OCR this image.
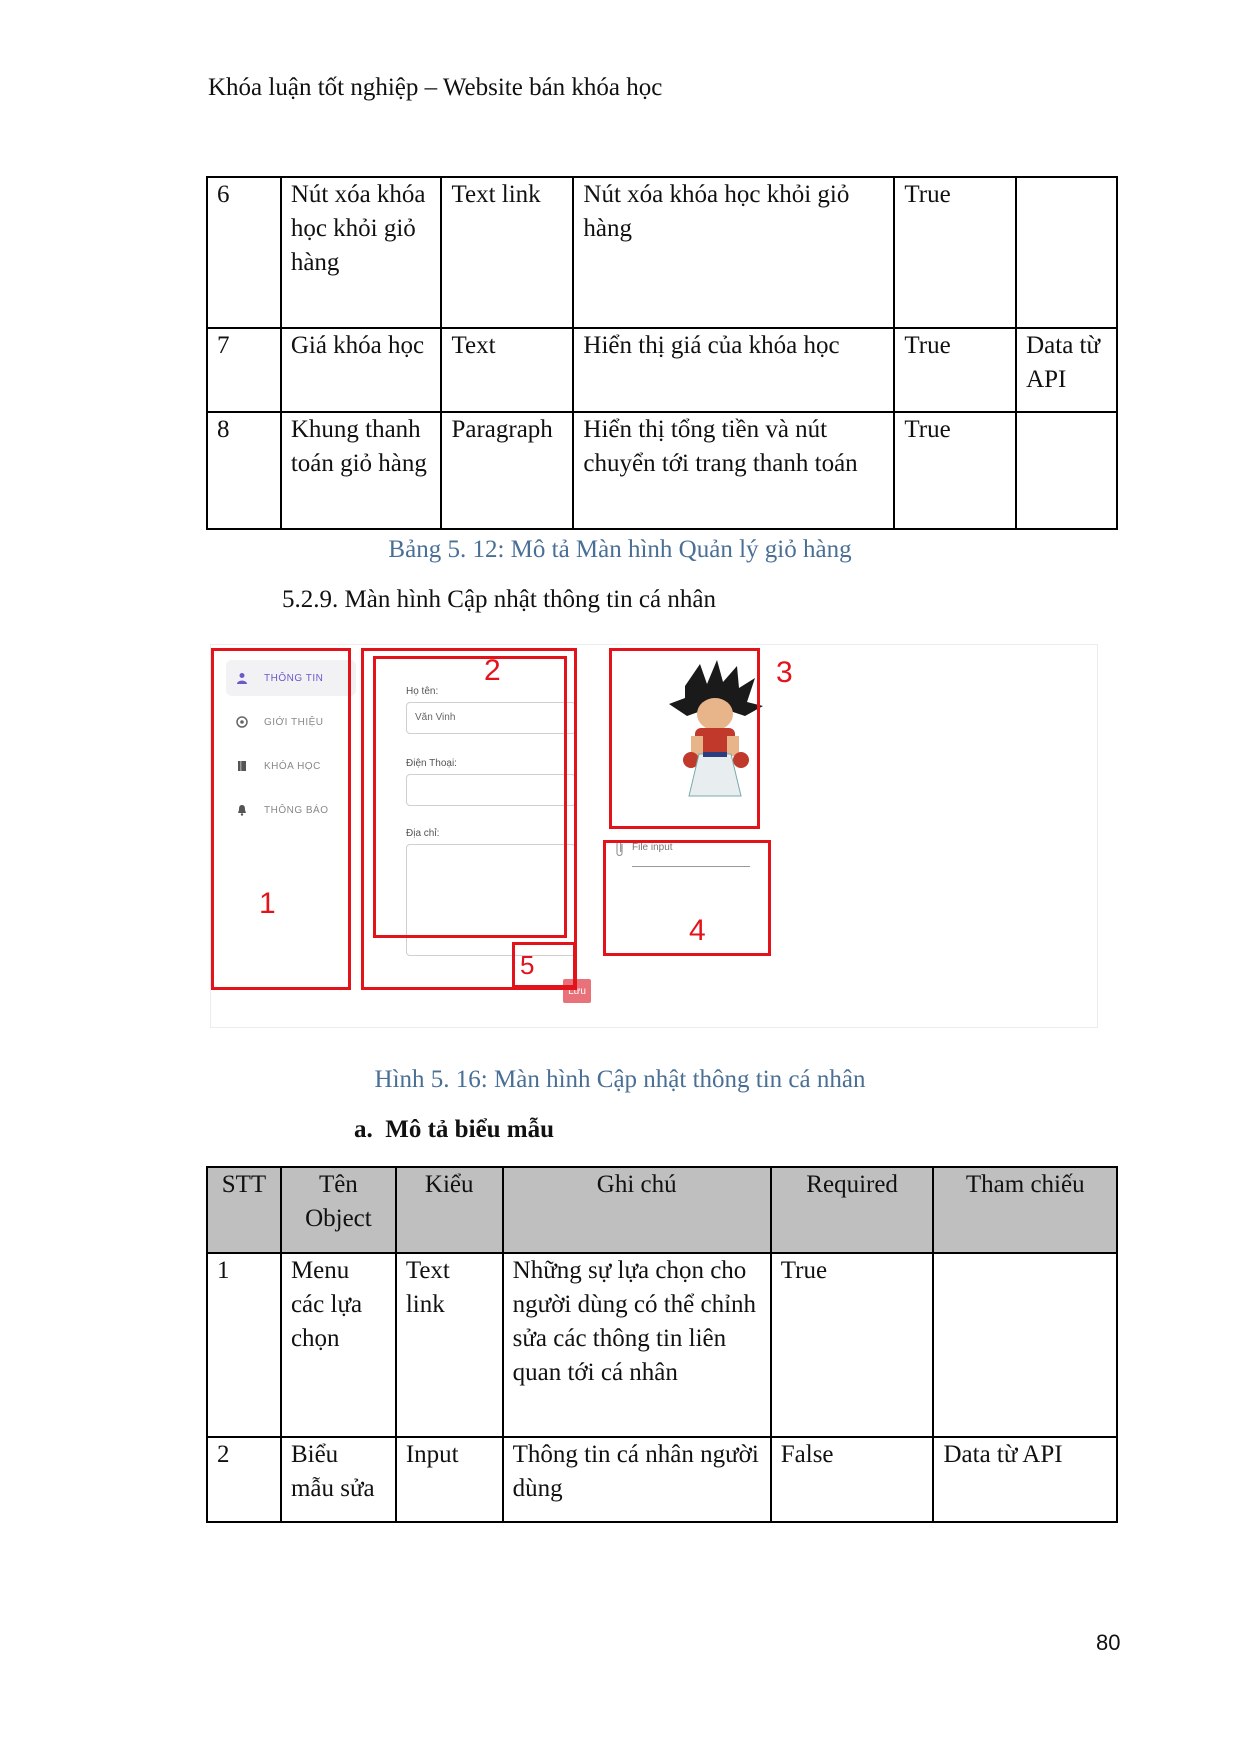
Khóa luận tốt nghiệp – Website bán khóa học
6	Nút xóa khóa học khỏi giỏ hàng	Text link	Nút xóa khóa học khỏi giỏ hàng	True	
7	Giá khóa học	Text	Hiển thị giá của khóa học	True	Data từ API
8	Khung thanh toán giỏ hàng	Paragraph	Hiển thị tổng tiền và nút chuyển tới trang thanh toán	True	
Bảng 5. 12: Mô tả Màn hình Quản lý giỏ hàng
5.2.9. Màn hình Cập nhật thông tin cá nhân
THÔNG TIN
GIỚI THIỆU
KHÓA HỌC
THÔNG BÁO
Họ tên:
Văn Vinh
Điện Thoại:
Địa chỉ:
Lưu
File input
1
2	3
4
5
Hình 5. 16: Màn hình Cập nhật thông tin cá nhân
a. Mô tả biểu mẫu
STT	Tên Object	Kiểu	Ghi chú	Required	Tham chiếu
1	Menu các lựa chọn	Text link	Những sự lựa chọn cho người dùng có thể chỉnh sửa các thông tin liên quan tới cá nhân	True	
2	Biểu mẫu sửa	Input	Thông tin cá nhân người dùng	False	Data từ API
80
